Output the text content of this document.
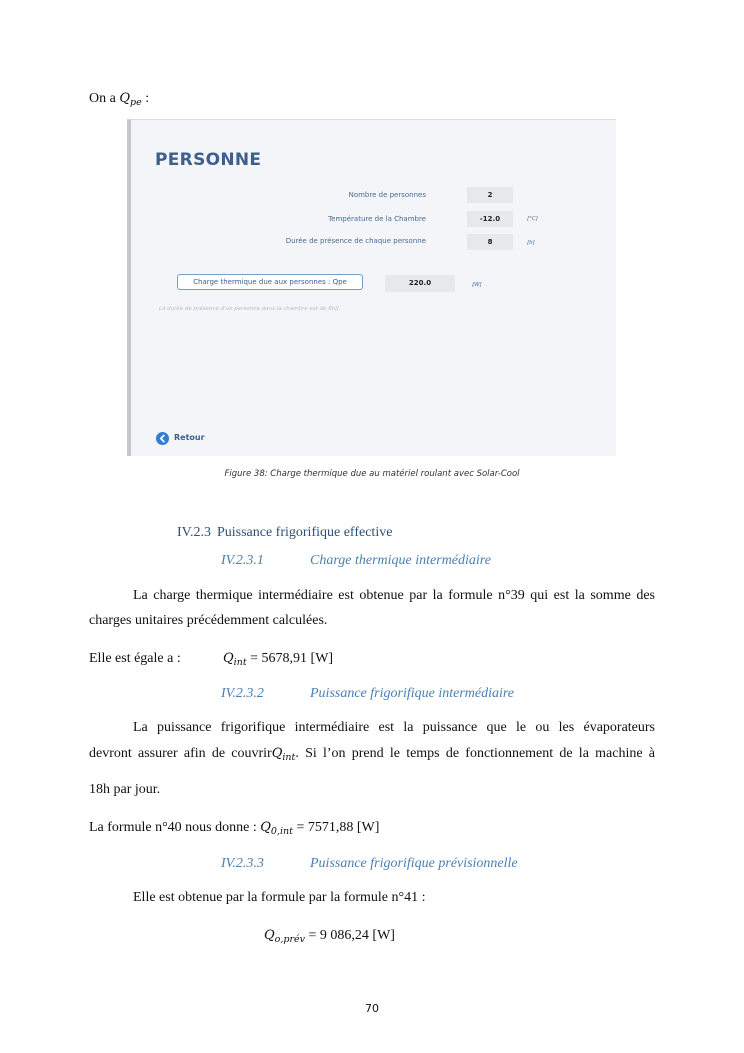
On a $Q_{pe}$ :
PERSONNE
Nombre de personnes	2
Température de la Chambre	-12.0	[°C]
Durée de présence de chaque personne	8	[h]
Charge thermique due aux personnes : Qpe	220.0	[W]
La durée de présence d'un personne dans la chambre est de 8h/j.
Retour
Figure 38: Charge thermique due au matériel roulant avec Solar-Cool
IV.2.3 Puissance frigorifique effective
IV.2.3.1	Charge thermique intermédiaire
La charge thermique intermédiaire est obtenue par la formule n°39 qui est la somme des
charges unitaires précédemment calculées.
Elle est égale a :	$Q_{int} = 5678,91$ [W]
IV.2.3.2	Puissance frigorifique intermédiaire
La puissance frigorifique intermédiaire est la puissance que le ou les évaporateurs
devront assurer afin de couvrirQ$_{int}$. Si l’on prend le temps de fonctionnement de la machine à
18h par jour.
La formule n°40 nous donne : $Q_{0,int} = 7571,88$ [W]
IV.2.3.3	Puissance frigorifique prévisionnelle
Elle est obtenue par la formule par la formule n°41 :
$Q_{o,prév} = 9$ 086,24 [W]
70
